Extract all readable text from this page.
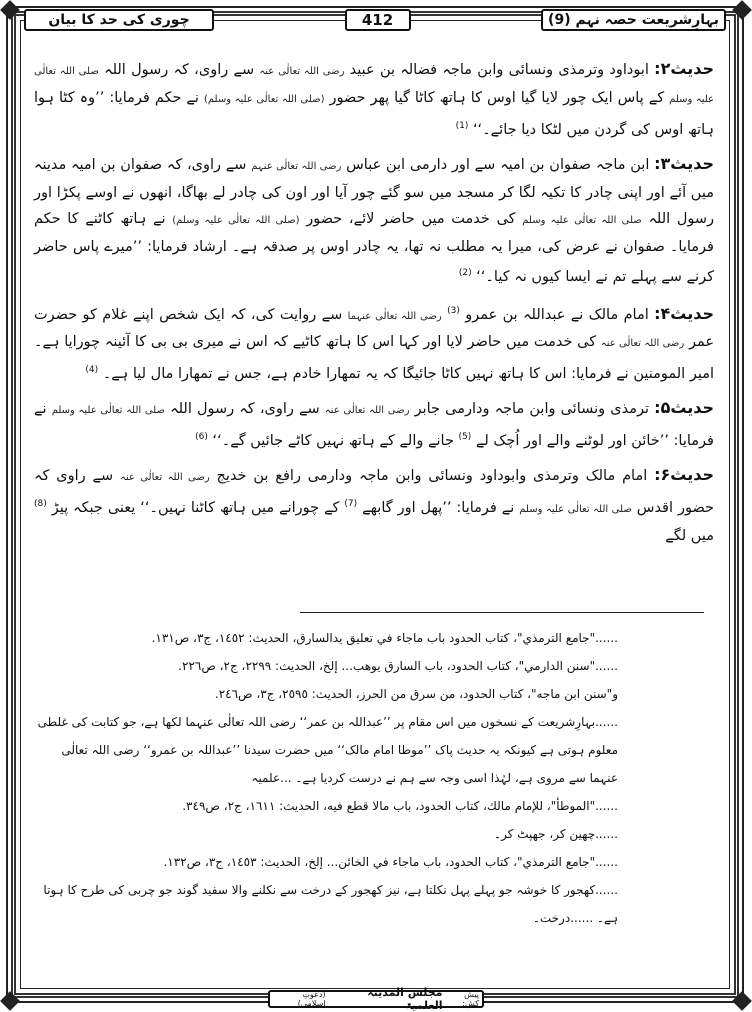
چوری کی حد کا بیان	412	بہارِشریعت حصہ نہم (9)

حدیث۲: ابوداود وترمذی ونسائی وابن ماجہ فضالہ بن عبید رضی اللہ تعالٰی عنہ سے راوی، کہ رسول اللہ صلی اللہ تعالٰی علیہ وسلم کے پاس ایک چور لایا گیا اوس کا ہاتھ کاٹا گیا پھر حضور (صلی اللہ تعالٰی علیہ وسلم) نے حکم فرمایا: ’’وہ کٹا ہوا ہاتھ اوس کی گردن میں لٹکا دیا جائے۔‘‘ $^{(1)}$

حدیث۳: ابن ماجہ صفوان بن امیہ سے اور دارمی ابن عباس رضی اللہ تعالٰی عنہم سے راوی، کہ صفوان بن امیہ مدینہ میں آئے اور اپنی چادر کا تکیہ لگا کر مسجد میں سو گئے چور آیا اور اون کی چادر لے بھاگا، انھوں نے اوسے پکڑا اور رسول اللہ صلی اللہ تعالٰی علیہ وسلم کی خدمت میں حاضر لائے، حضور (صلی اللہ تعالٰی علیہ وسلم) نے ہاتھ کاٹنے کا حکم فرمایا۔ صفوان نے عرض کی، میرا یہ مطلب نہ تھا، یہ چادر اوس پر صدقہ ہے۔ ارشاد فرمایا: ’’میرے پاس حاضر کرنے سے پہلے تم نے ایسا کیوں نہ کیا۔‘‘ $^{(2)}$

حدیث۴: امام مالک نے عبداللہ بن عمرو $^{(3)}$ رضی اللہ تعالٰی عنہما سے روایت کی، کہ ایک شخص اپنے غلام کو حضرت عمر رضی اللہ تعالٰی عنہ کی خدمت میں حاضر لایا اور کہا اس کا ہاتھ کاٹیے کہ اس نے میری بی بی کا آئینہ چورایا ہے۔ امیر المومنین نے فرمایا: اس کا ہاتھ نہیں کاٹا جائیگا کہ یہ تمھارا خادم ہے، جس نے تمھارا مال لیا ہے۔ $^{(4)}$

حدیث۵: ترمذی ونسائی وابن ماجہ ودارمی جابر رضی اللہ تعالٰی عنہ سے راوی، کہ رسول اللہ صلی اللہ تعالٰی علیہ وسلم نے فرمایا: ’’خائن اور لوٹنے والے اور اُچک لے $^{(5)}$ جانے والے کے ہاتھ نہیں کاٹے جائیں گے۔‘‘ $^{(6)}$

حدیث۶: امام مالک وترمذی وابوداود ونسائی وابن ماجہ ودارمی رافع بن خدیج رضی اللہ تعالٰی عنہ سے راوی کہ حضور اقدس صلی اللہ تعالٰی علیہ وسلم نے فرمایا: ’’پھل اور گابھے $^{(7)}$ کے چورانے میں ہاتھ کاٹنا نہیں۔‘‘ یعنی جبکہ پیڑ $^{(8)}$ میں لگے

......"جامع الترمذي"، كتاب الحدود باب ماجاء في تعليق يدالسارق، الحديث: ١٤٥٢، ج٣، ص١٣١.

......"سنن الدارمي"، كتاب الحدود، باب السارق يوهب... إلخ، الحديث: ٢٢٩٩، ج٢، ص٢٢٦.

و"سنن ابن ماجه"، كتاب الحدود، من سرق من الحرز، الحديث: ٢٥٩٥، ج٣، ص٢٤٦.

......بہارِشریعت کے نسخوں میں اس مقام پر ’’عبداللہ بن عمر‘‘ رضی اللہ تعالٰی عنہما لکھا ہے، جو کتابت کی غلطی معلوم ہوتی ہے کیونکہ یہ حدیث پاک ’’موطا امام مالک‘‘ میں حضرت سیدنا ’’عبداللہ بن عمرو‘‘ رضی اللہ تعالٰی عنہما سے مروی ہے، لہٰذا اسی وجہ سے ہم نے درست کردیا ہے۔ ...علمیہ

......"الموطأ"، للإمام مالك، كتاب الحدود، باب مالا قطع فيه، الحديث: ١٦١١، ج٢، ص٣٤٩.

......چھین کر، جھپٹ کر۔

......"جامع الترمذي"، كتاب الحدود، باب ماجاء في الخائن... إلخ، الحديث: ١٤٥٣، ج٣، ص١٣٢.

......کھجور کا خوشہ جو پہلے پہل نکلتا ہے، نیز کھجور کے درخت سے نکلنے والا سفید گوند جو چربی کی طرح کا ہوتا ہے۔ ......درخت۔

پیش کش:
مجلس المدینۃ العلمیۃ
(دعوتِ اسلامی)
